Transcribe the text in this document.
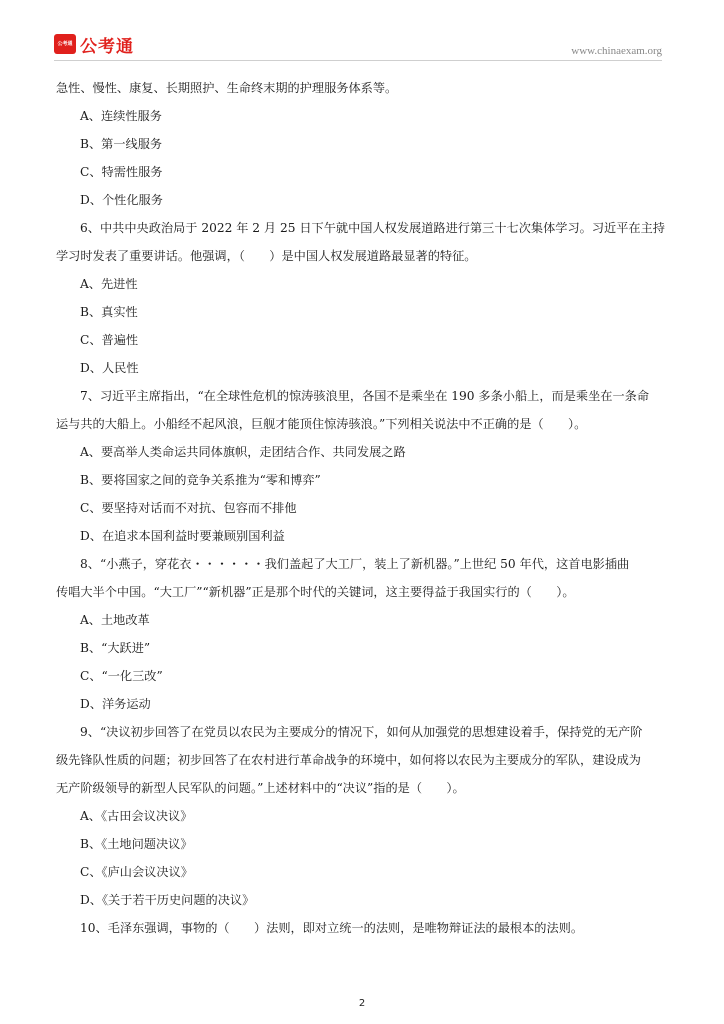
公考通 公考通	www.chinaexam.org
急性、慢性、康复、长期照护、生命终末期的护理服务体系等。
A、连续性服务
B、第一线服务
C、特需性服务
D、个性化服务
6、中共中央政治局于 2022 年 2 月 25 日下午就中国人权发展道路进行第三十七次集体学习。习近平在主持
学习时发表了重要讲话。他强调，（　　）是中国人权发展道路最显著的特征。
A、先进性
B、真实性
C、普遍性
D、人民性
7、习近平主席指出，“在全球性危机的惊涛骇浪里，各国不是乘坐在 190 多条小船上，而是乘坐在一条命
运与共的大船上。小船经不起风浪，巨舰才能顶住惊涛骇浪。”下列相关说法中不正确的是（　　）。
A、要高举人类命运共同体旗帜，走团结合作、共同发展之路
B、要将国家之间的竞争关系推为“零和博弈”
C、要坚持对话而不对抗、包容而不排他
D、在追求本国利益时要兼顾别国利益
8、“小燕子，穿花衣・・・・・・我们盖起了大工厂，装上了新机器。”上世纪 50 年代，这首电影插曲
传唱大半个中国。“大工厂”“新机器”正是那个时代的关键词，这主要得益于我国实行的（　　）。
A、土地改革
B、“大跃进”
C、“一化三改”
D、洋务运动
9、“决议初步回答了在党员以农民为主要成分的情况下，如何从加强党的思想建设着手，保持党的无产阶
级先锋队性质的问题；初步回答了在农村进行革命战争的环境中，如何将以农民为主要成分的军队，建设成为
无产阶级领导的新型人民军队的问题。”上述材料中的“决议”指的是（　　）。
A、《古田会议决议》
B、《土地问题决议》
C、《庐山会议决议》
D、《关于若干历史问题的决议》
10、毛泽东强调，事物的（　　）法则，即对立统一的法则，是唯物辩证法的最根本的法则。
2
